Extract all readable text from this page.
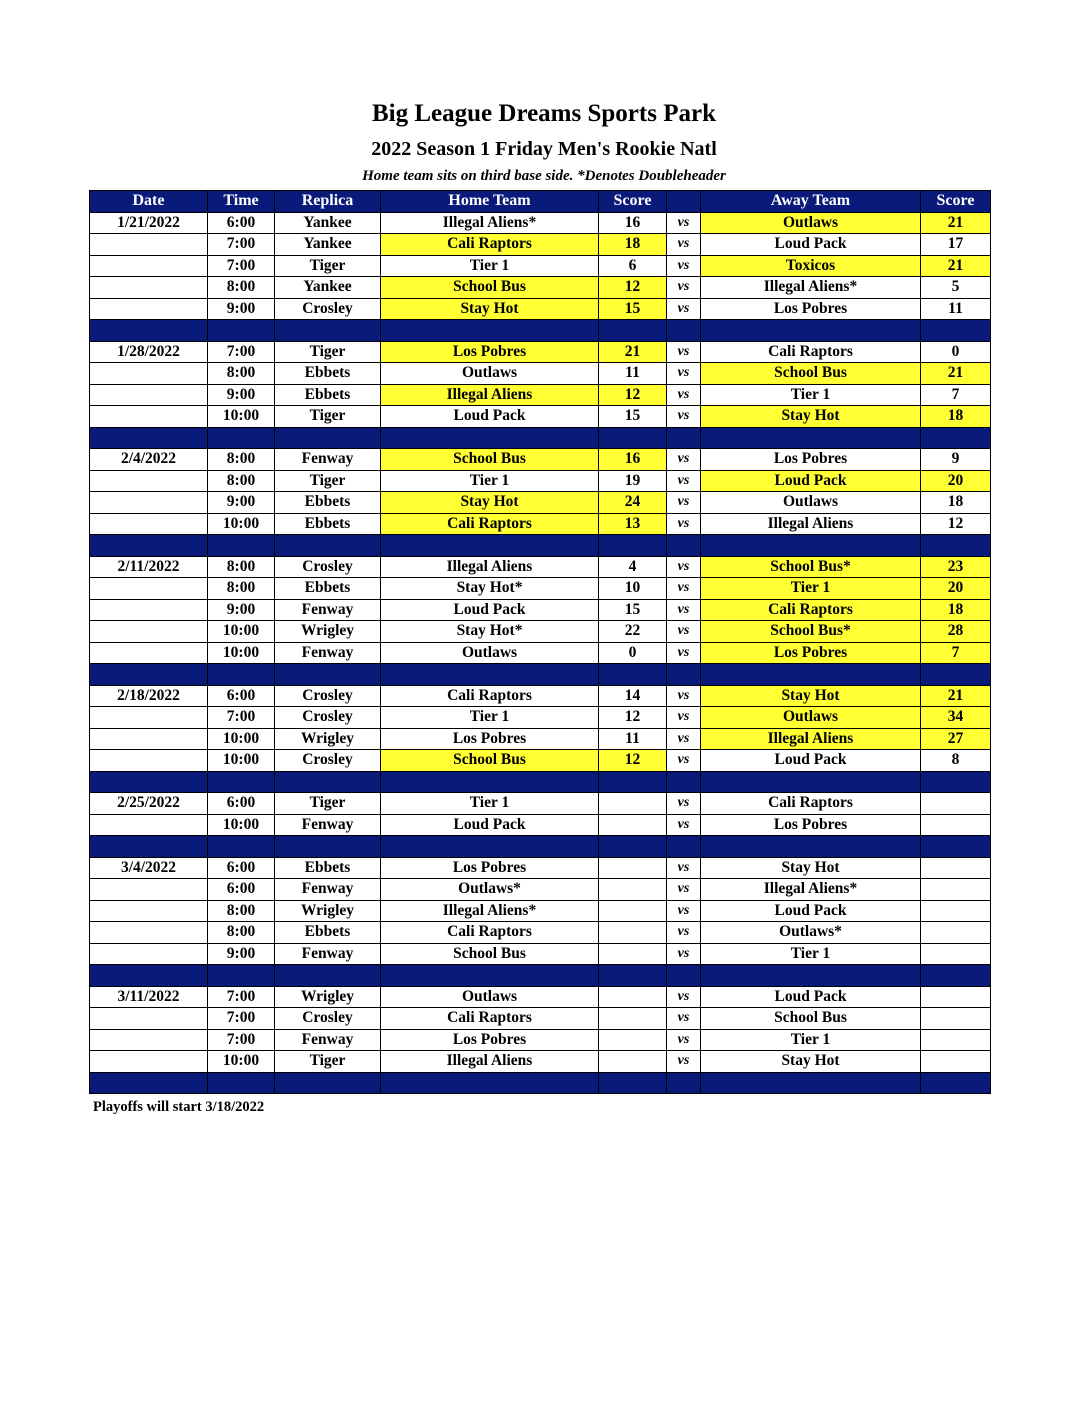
Big League Dreams Sports Park
2022 Season 1 Friday Men's Rookie Natl
Home team sits on third base side. *Denotes Doubleheader
Date	Time	Replica	Home Team	Score		Away Team	Score
1/21/2022	6:00	Yankee	Illegal Aliens*	16	vs	Outlaws	21
	7:00	Yankee	Cali Raptors	18	vs	Loud Pack	17
	7:00	Tiger	Tier 1	6	vs	Toxicos	21
	8:00	Yankee	School Bus	12	vs	Illegal Aliens*	5
	9:00	Crosley	Stay Hot	15	vs	Los Pobres	11

1/28/2022	7:00	Tiger	Los Pobres	21	vs	Cali Raptors	0
	8:00	Ebbets	Outlaws	11	vs	School Bus	21
	9:00	Ebbets	Illegal Aliens	12	vs	Tier 1	7
	10:00	Tiger	Loud Pack	15	vs	Stay Hot	18

2/4/2022	8:00	Fenway	School Bus	16	vs	Los Pobres	9
	8:00	Tiger	Tier 1	19	vs	Loud Pack	20
	9:00	Ebbets	Stay Hot	24	vs	Outlaws	18
	10:00	Ebbets	Cali Raptors	13	vs	Illegal Aliens	12

2/11/2022	8:00	Crosley	Illegal Aliens	4	vs	School Bus*	23
	8:00	Ebbets	Stay Hot*	10	vs	Tier 1	20
	9:00	Fenway	Loud Pack	15	vs	Cali Raptors	18
	10:00	Wrigley	Stay Hot*	22	vs	School Bus*	28
	10:00	Fenway	Outlaws	0	vs	Los Pobres	7

2/18/2022	6:00	Crosley	Cali Raptors	14	vs	Stay Hot	21
	7:00	Crosley	Tier 1	12	vs	Outlaws	34
	10:00	Wrigley	Los Pobres	11	vs	Illegal Aliens	27
	10:00	Crosley	School Bus	12	vs	Loud Pack	8

2/25/2022	6:00	Tiger	Tier 1		vs	Cali Raptors	
	10:00	Fenway	Loud Pack		vs	Los Pobres	

3/4/2022	6:00	Ebbets	Los Pobres		vs	Stay Hot	
	6:00	Fenway	Outlaws*		vs	Illegal Aliens*	
	8:00	Wrigley	Illegal Aliens*		vs	Loud Pack	
	8:00	Ebbets	Cali Raptors		vs	Outlaws*	
	9:00	Fenway	School Bus		vs	Tier 1	

3/11/2022	7:00	Wrigley	Outlaws		vs	Loud Pack	
	7:00	Crosley	Cali Raptors		vs	School Bus	
	7:00	Fenway	Los Pobres		vs	Tier 1	
	10:00	Tiger	Illegal Aliens		vs	Stay Hot	

Playoffs will start 3/18/2022
